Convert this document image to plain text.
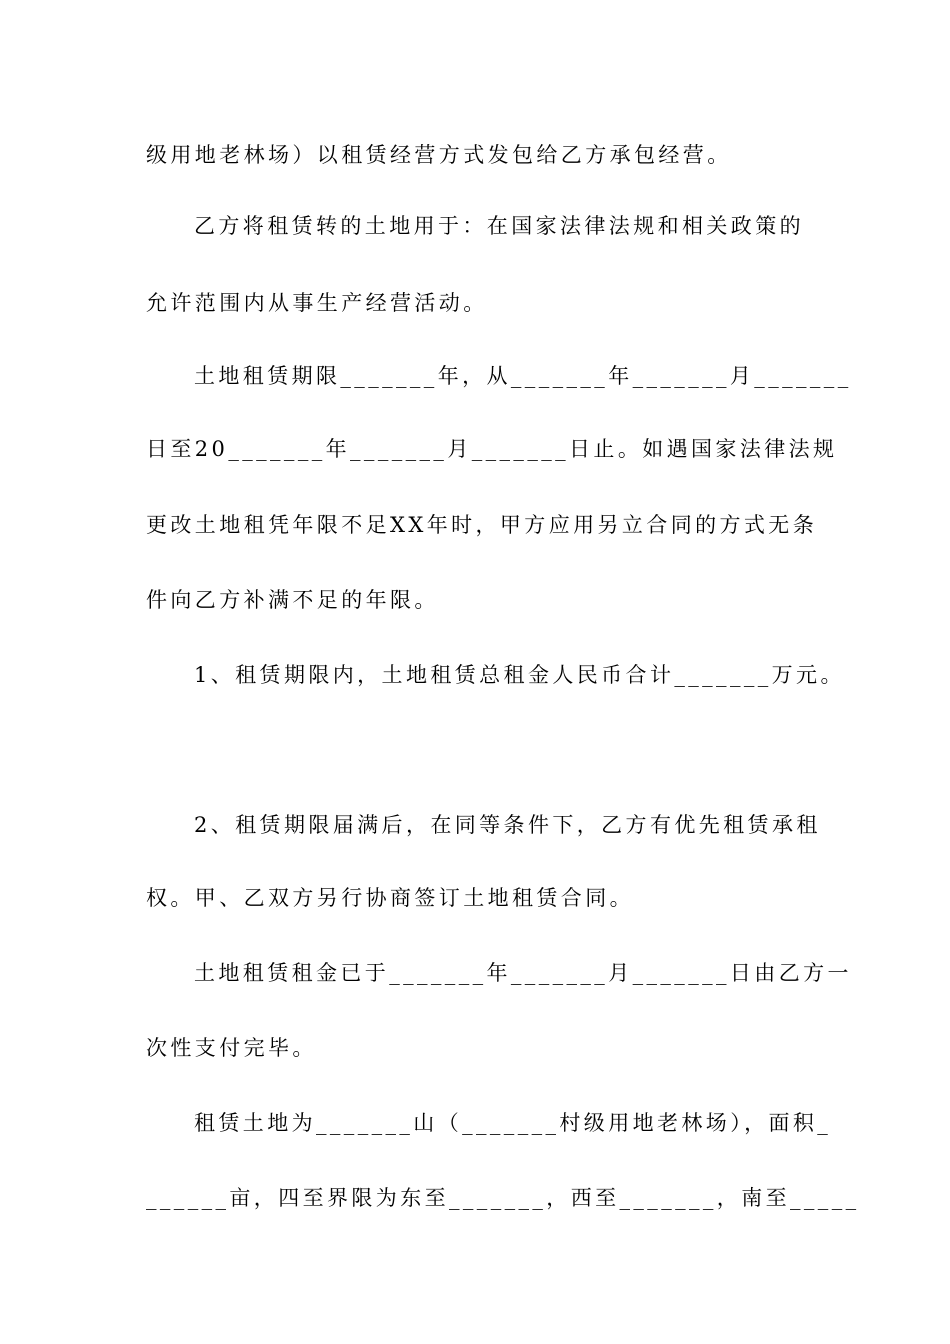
级用地老林场）以租赁经营方式发包给乙方承包经营。
乙方将租赁转的土地用于：在国家法律法规和相关政策的
允许范围内从事生产经营活动。
土地租赁期限_______年，从_______年_______月_______
日至20_______年_______月_______日止。如遇国家法律法规
更改土地租凭年限不足XX年时，甲方应用另立合同的方式无条
件向乙方补满不足的年限。
1、租赁期限内，土地租赁总租金人民币合计_______万元。
2、租赁期限届满后，在同等条件下，乙方有优先租赁承租
权。甲、乙双方另行协商签订土地租赁合同。
土地租赁租金已于_______年_______月_______日由乙方一
次性支付完毕。
租赁土地为_______山（_______村级用地老林场），面积_
______亩，四至界限为东至_______，西至_______，南至_____
